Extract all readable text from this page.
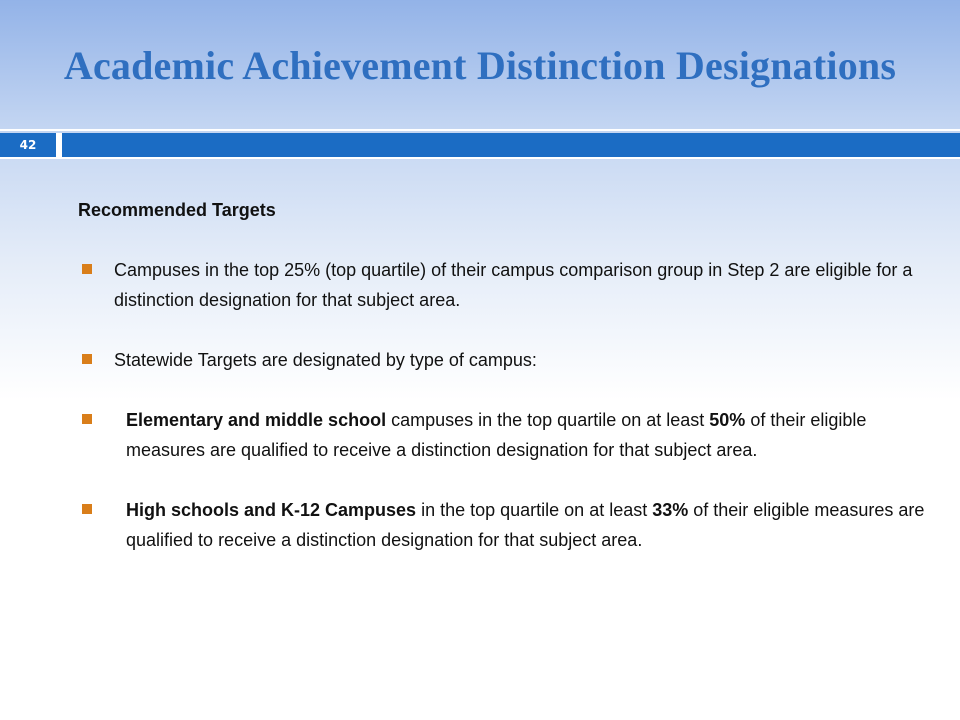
Academic Achievement Distinction Designations
42

Recommended Targets

Campuses in the top 25% (top quartile) of their campus comparison group in Step 2 are eligible for a distinction designation for that subject area.
Statewide Targets are designated by type of campus:
Elementary and middle school campuses in the top quartile on at least 50% of their eligible measures are qualified to receive a distinction designation for that subject area.
High schools and K-12 Campuses in the top quartile on at least 33% of their eligible measures are qualified to receive a distinction designation for that subject area.
